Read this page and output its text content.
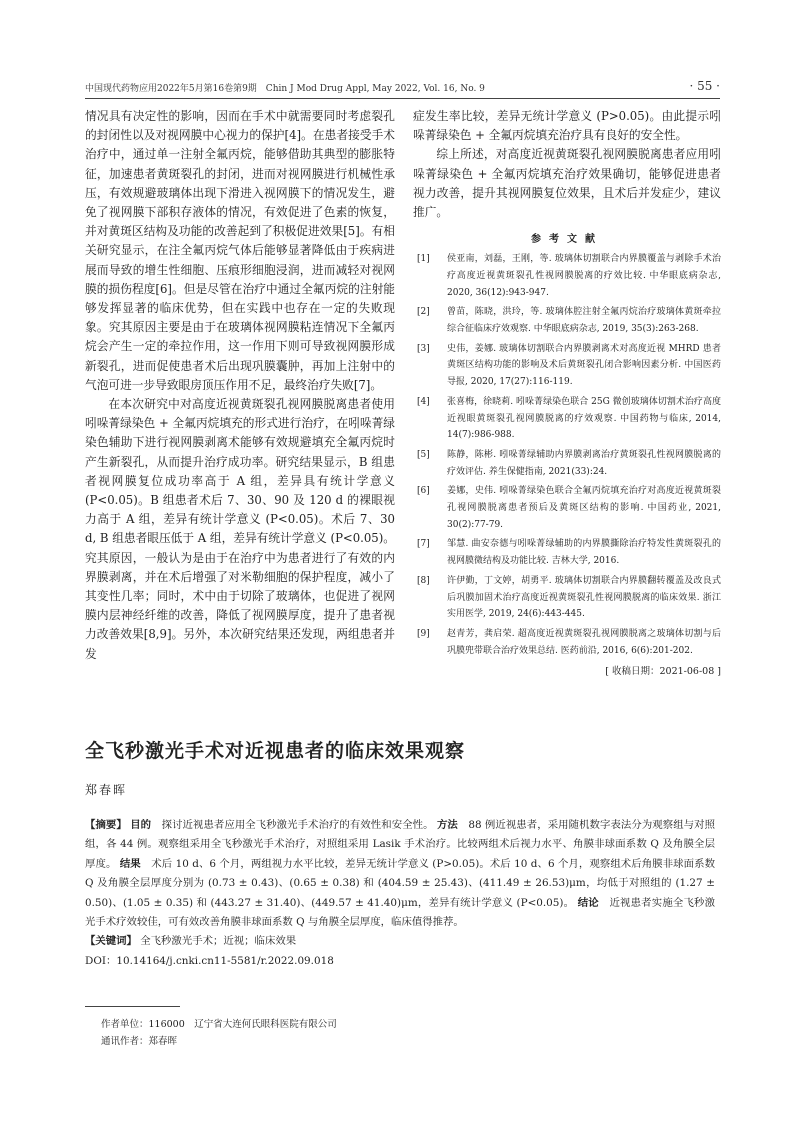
中国现代药物应用2022年5月第16卷第9期　Chin J Mod Drug Appl, May 2022, Vol. 16, No. 9	· 55 ·

情况具有决定性的影响，因而在手术中就需要同时考虑裂孔的封闭性以及对视网膜中心视力的保护[4]。在患者接受手术治疗中，通过单一注射全氟丙烷，能够借助其典型的膨胀特征，加速患者黄斑裂孔的封闭，进而对视网膜进行机械性承压，有效规避玻璃体出现下滑进入视网膜下的情况发生，避免了视网膜下部积存液体的情况，有效促进了色素的恢复，并对黄斑区结构及功能的改善起到了积极促进效果[5]。有相关研究显示，在注全氟丙烷气体后能够显著降低由于疾病进展而导致的增生性细胞、压痕形细胞浸润，进而减轻对视网膜的损伤程度[6]。但是尽管在治疗中通过全氟丙烷的注射能够发挥显著的临床优势，但在实践中也存在一定的失败现象。究其原因主要是由于在玻璃体视网膜粘连情况下全氟丙烷会产生一定的牵拉作用，这一作用下则可导致视网膜形成新裂孔，进而促使患者术后出现巩膜囊肿，再加上注射中的气泡可进一步导致眼房顶压作用不足，最终治疗失败[7]。

在本次研究中对高度近视黄斑裂孔视网膜脱离患者使用吲哚菁绿染色 + 全氟丙烷填充的形式进行治疗，在吲哚菁绿染色辅助下进行视网膜剥离术能够有效规避填充全氟丙烷时产生新裂孔，从而提升治疗成功率。研究结果显示，B 组患者视网膜复位成功率高于 A 组，差异具有统计学意义 (P<0.05)。B 组患者术后 7、30、90 及 120 d 的裸眼视力高于 A 组，差异有统计学意义 (P<0.05)。术后 7、30 d, B 组患者眼压低于 A 组，差异有统计学意义 (P<0.05)。究其原因，一般认为是由于在治疗中为患者进行了有效的内界膜剥离，并在术后增强了对米勒细胞的保护程度，减小了其变性几率；同时，术中由于切除了玻璃体，也促进了视网膜内层神经纤维的改善，降低了视网膜厚度，提升了患者视力改善效果[8,9]。另外，本次研究结果还发现，两组患者并发

症发生率比较，差异无统计学意义 (P>0.05)。由此提示吲哚菁绿染色 + 全氟丙烷填充治疗具有良好的安全性。

综上所述，对高度近视黄斑裂孔视网膜脱离患者应用吲哚菁绿染色 + 全氟丙烷填充治疗效果确切，能够促进患者视力改善，提升其视网膜复位效果，且术后并发症少，建议推广。

参考文献
[1] 侯亚南，刘磊，王刚，等. 玻璃体切割联合内界膜覆盖与剥除手术治疗高度近视黄斑裂孔性视网膜脱离的疗效比较. 中华眼底病杂志, 2020, 36(12):943-947.
[2] 曾苗，陈晓，洪玲，等. 玻璃体腔注射全氟丙烷治疗玻璃体黄斑牵拉综合征临床疗效观察. 中华眼底病杂志, 2019, 35(3):263-268.
[3] 史伟，姜娜. 玻璃体切割联合内界膜剥离术对高度近视 MHRD 患者黄斑区结构功能的影响及术后黄斑裂孔闭合影响因素分析. 中国医药导报, 2020, 17(27):116-119.
[4] 张喜梅，徐晓莉. 吲哚菁绿染色联合 25G 微创玻璃体切割术治疗高度近视眼黄斑裂孔视网膜脱离的疗效观察. 中国药物与临床, 2014, 14(7):986-988.
[5] 陈静，陈彬. 吲哚菁绿辅助内界膜剥离治疗黄斑裂孔性视网膜脱离的疗效评估. 养生保健指南, 2021(33):24.
[6] 姜娜，史伟. 吲哚菁绿染色联合全氟丙烷填充治疗对高度近视黄斑裂孔视网膜脱离患者预后及黄斑区结构的影响. 中国药业, 2021, 30(2):77-79.
[7] 邹慧. 曲安奈德与吲哚菁绿辅助的内界膜撕除治疗特发性黄斑裂孔的视网膜微结构及功能比较. 吉林大学, 2016.
[8] 许伊勤，丁文婷，胡勇平. 玻璃体切割联合内界膜翻转覆盖及改良式后巩膜加固术治疗高度近视黄斑裂孔性视网膜脱离的临床效果. 浙江实用医学, 2019, 24(6):443-445.
[9] 赵青芳，龚启荣. 超高度近视黄斑裂孔视网膜脱离之玻璃体切割与后巩膜兜带联合治疗效果总结. 医药前沿, 2016, 6(6):201-202.
[ 收稿日期：2021-06-08 ]
全飞秒激光手术对近视患者的临床效果观察
郑春晖

【摘要】 目的　探讨近视患者应用全飞秒激光手术治疗的有效性和安全性。 方法　88 例近视患者，采用随机数字表法分为观察组与对照组，各 44 例。观察组采用全飞秒激光手术治疗，对照组采用 Lasik 手术治疗。比较两组术后视力水平、角膜非球面系数 Q 及角膜全层厚度。 结果　术后 10 d、6 个月，两组视力水平比较，差异无统计学意义 (P>0.05)。术后 10 d、6 个月，观察组术后角膜非球面系数 Q 及角膜全层厚度分别为 (0.73 ± 0.43)、(0.65 ± 0.38) 和 (404.59 ± 25.43)、(411.49 ± 26.53)μm，均低于对照组的 (1.27 ± 0.50)、(1.05 ± 0.35) 和 (443.27 ± 31.40)、(449.57 ± 41.40)μm，差异有统计学意义 (P<0.05)。 结论　近视患者实施全飞秒激光手术疗效较佳，可有效改善角膜非球面系数 Q 与角膜全层厚度，临床值得推荐。

【关键词】 全飞秒激光手术；近视；临床效果

DOI：10.14164/j.cnki.cn11-5581/r.2022.09.018

作者单位：116000　辽宁省大连何氏眼科医院有限公司
通讯作者：郑春晖
